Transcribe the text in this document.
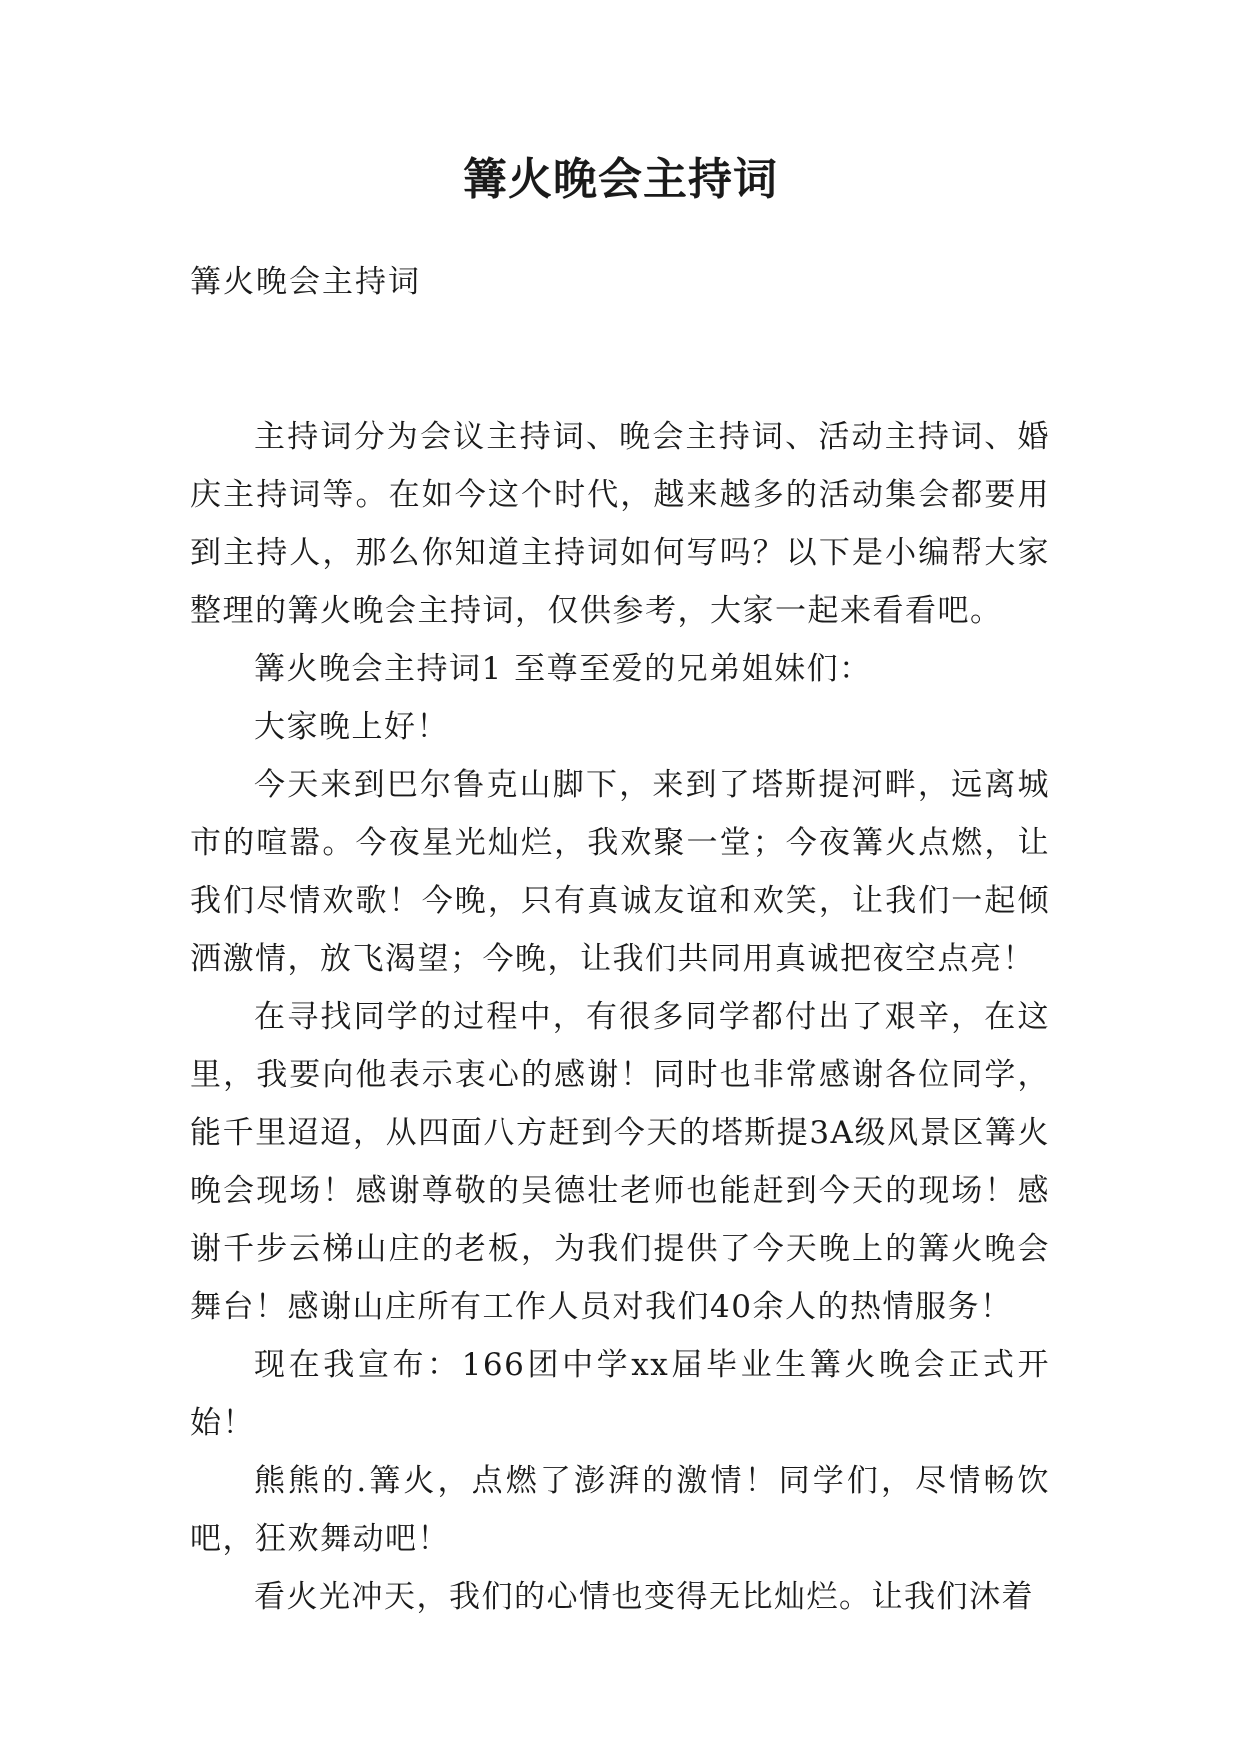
篝火晚会主持词

篝火晚会主持词

主持词分为会议主持词、晚会主持词、活动主持词、婚庆主持词等。在如今这个时代，越来越多的活动集会都要用到主持人，那么你知道主持词如何写吗？以下是小编帮大家整理的篝火晚会主持词，仅供参考，大家一起来看看吧。

篝火晚会主持词1 至尊至爱的兄弟姐妹们：

大家晚上好！

今天来到巴尔鲁克山脚下，来到了塔斯提河畔，远离城市的喧嚣。今夜星光灿烂，我欢聚一堂；今夜篝火点燃，让我们尽情欢歌！今晚，只有真诚友谊和欢笑，让我们一起倾洒激情，放飞渴望；今晚，让我们共同用真诚把夜空点亮！

在寻找同学的过程中，有很多同学都付出了艰辛，在这里，我要向他表示衷心的感谢！同时也非常感谢各位同学，能千里迢迢，从四面八方赶到今天的塔斯提3A级风景区篝火晚会现场！感谢尊敬的吴德壮老师也能赶到今天的现场！感谢千步云梯山庄的老板，为我们提供了今天晚上的篝火晚会舞台！感谢山庄所有工作人员对我们40余人的热情服务！

现在我宣布：166团中学xx届毕业生篝火晚会正式开始！

熊熊的.篝火，点燃了澎湃的激情！同学们，尽情畅饮吧，狂欢舞动吧！

看火光冲天，我们的心情也变得无比灿烂。让我们沐着
